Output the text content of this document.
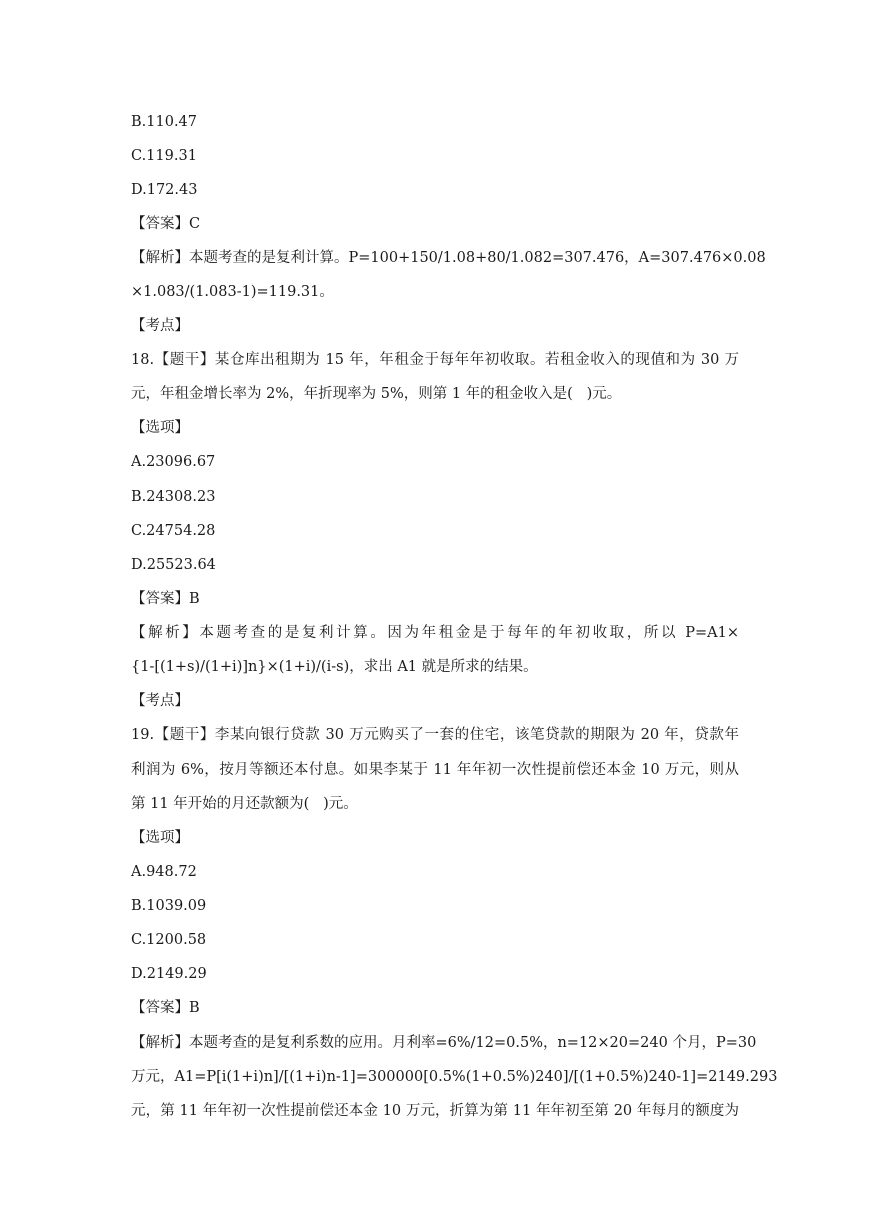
B.110.47
C.119.31
D.172.43
【答案】C
【解析】本题考查的是复利计算。P=100+150/1.08+80/1.082=307.476，A=307.476×0.08
×1.083/(1.083-1)=119.31。
【考点】
18.【题干】某仓库出租期为 15 年，年租金于每年年初收取。若租金收入的现值和为 30 万
元，年租金增长率为 2%，年折现率为 5%，则第 1 年的租金收入是(   )元。
【选项】
A.23096.67
B.24308.23
C.24754.28
D.25523.64
【答案】B
【解析】本题考查的是复利计算。因为年租金是于每年的年初收取，所以 P=A1×
{1-[(1+s)/(1+i)]n}×(1+i)/(i-s)，求出 A1 就是所求的结果。
【考点】
19.【题干】李某向银行贷款 30 万元购买了一套的住宅，该笔贷款的期限为 20 年，贷款年
利润为 6%，按月等额还本付息。如果李某于 11 年年初一次性提前偿还本金 10 万元，则从
第 11 年开始的月还款额为(   )元。
【选项】
A.948.72
B.1039.09
C.1200.58
D.2149.29
【答案】B
【解析】本题考查的是复利系数的应用。月利率=6%/12=0.5%，n=12×20=240 个月，P=30
万元，A1=P[i(1+i)n]/[(1+i)n-1]=300000[0.5%(1+0.5%)240]/[(1+0.5%)240-1]=2149.293
元，第 11 年年初一次性提前偿还本金 10 万元，折算为第 11 年年初至第 20 年每月的额度为
